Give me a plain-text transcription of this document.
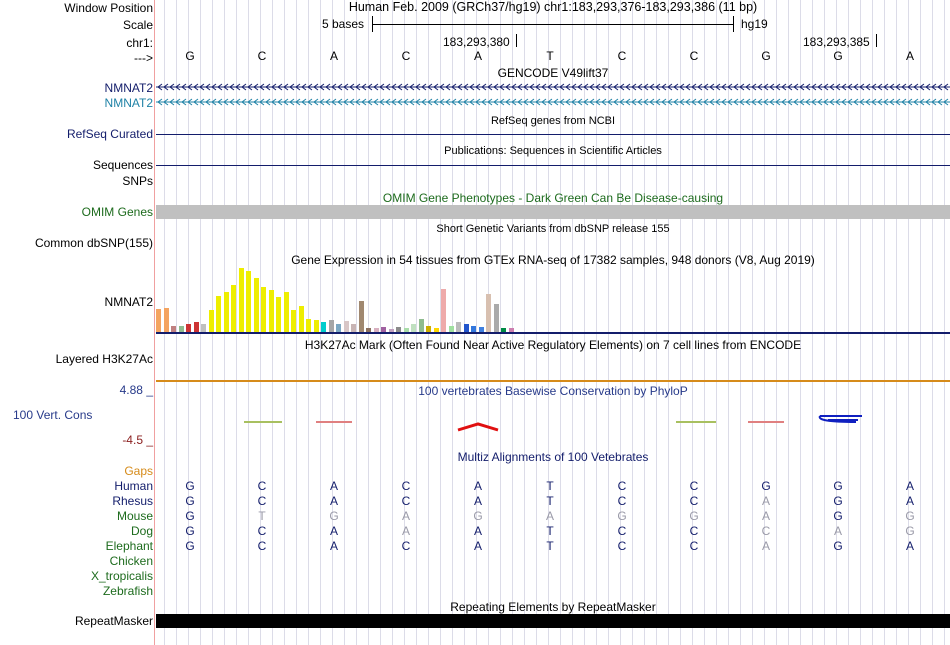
Window Position
Scale
chr1:
--->
Human Feb. 2009 (GRCh37/hg19) chr1:183,293,376-183,293,386 (11 bp)
5 bases	hg19
183,293,380	183,293,385
G	C	A	C	A	T	C	C	G	G	A
GENCODE V49lift37
NMNAT2
NMNAT2
RefSeq genes from NCBI
RefSeq Curated
Publications: Sequences in Scientific Articles
Sequences
SNPs
OMIM Gene Phenotypes - Dark Green Can Be Disease-causing
OMIM Genes
Short Genetic Variants from dbSNP release 155
Common dbSNP(155)
Gene Expression in 54 tissues from GTEx RNA-seq of 17382 samples, 948 donors (V8, Aug 2019)
NMNAT2
H3K27Ac Mark (Often Found Near Active Regulatory Elements) on 7 cell lines from ENCODE
Layered H3K27Ac
100 vertebrates Basewise Conservation by PhyloP
4.88 _
100 Vert. Cons
-4.5 _
Multiz Alignments of 100 Vetebrates
Gaps
Human	G	C	A	C	A	T	C	C	G	G	A
Rhesus	G	C	A	C	A	T	C	C	A	G	A
Mouse	G	T	G	A	G	A	G	G	A	G	G
Dog	G	C	A	A	A	T	C	C	C	A	G
Elephant	G	C	A	C	A	T	C	C	A	G	A
Chicken
X_tropicalis
Zebrafish
Repeating Elements by RepeatMasker
RepeatMasker
